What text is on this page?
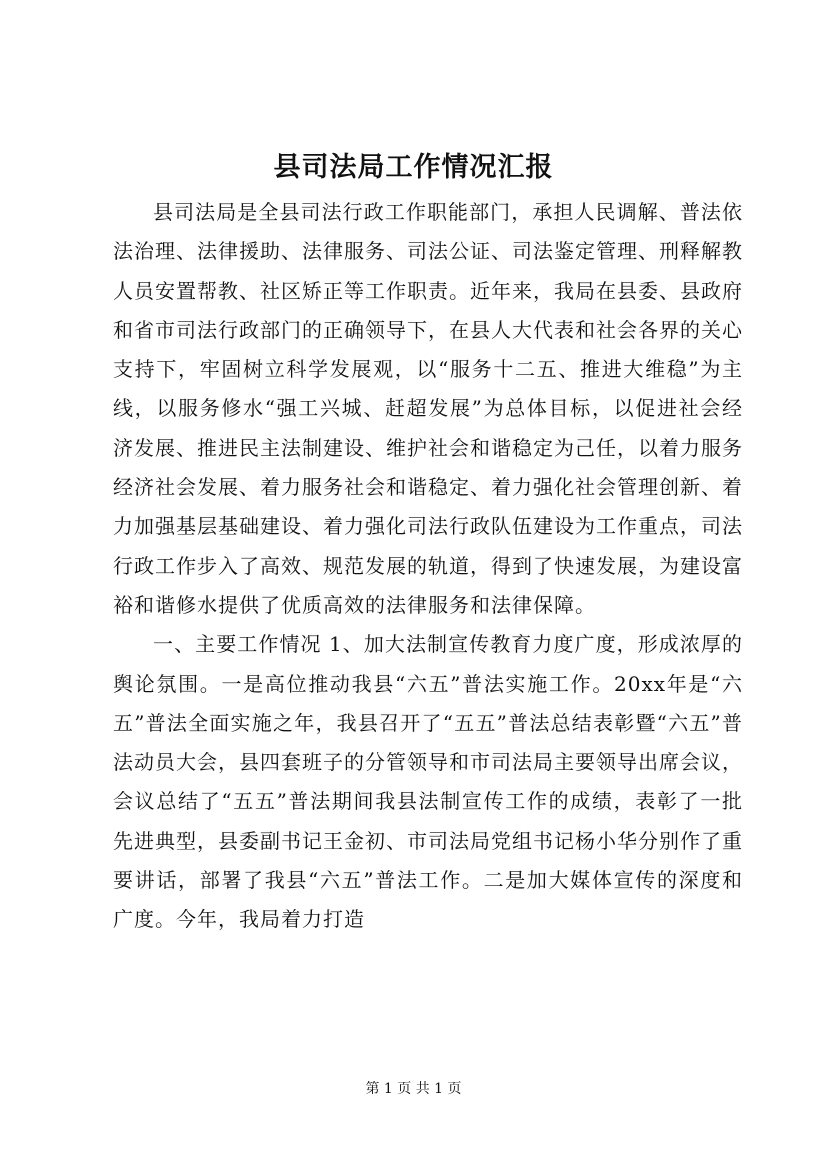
县司法局工作情况汇报

县司法局是全县司法行政工作职能部门，承担人民调解、普法依法治理、法律援助、法律服务、司法公证、司法鉴定管理、刑释解教人员安置帮教、社区矫正等工作职责。近年来，我局在县委、县政府和省市司法行政部门的正确领导下，在县人大代表和社会各界的关心支持下，牢固树立科学发展观，以“服务十二五、推进大维稳”为主线，以服务修水“强工兴城、赶超发展”为总体目标，以促进社会经济发展、推进民主法制建设、维护社会和谐稳定为己任，以着力服务经济社会发展、着力服务社会和谐稳定、着力强化社会管理创新、着力加强基层基础建设、着力强化司法行政队伍建设为工作重点，司法行政工作步入了高效、规范发展的轨道，得到了快速发展，为建设富裕和谐修水提供了优质高效的法律服务和法律保障。

一、主要工作情况 1、加大法制宣传教育力度广度，形成浓厚的舆论氛围。一是高位推动我县“六五”普法实施工作。20xx年是“六五”普法全面实施之年，我县召开了“五五”普法总结表彰暨“六五”普法动员大会，县四套班子的分管领导和市司法局主要领导出席会议，会议总结了“五五”普法期间我县法制宣传工作的成绩，表彰了一批先进典型，县委副书记王金初、市司法局党组书记杨小华分别作了重要讲话，部署了我县“六五”普法工作。二是加大媒体宣传的深度和广度。今年，我局着力打造

第 1 页 共 1 页
